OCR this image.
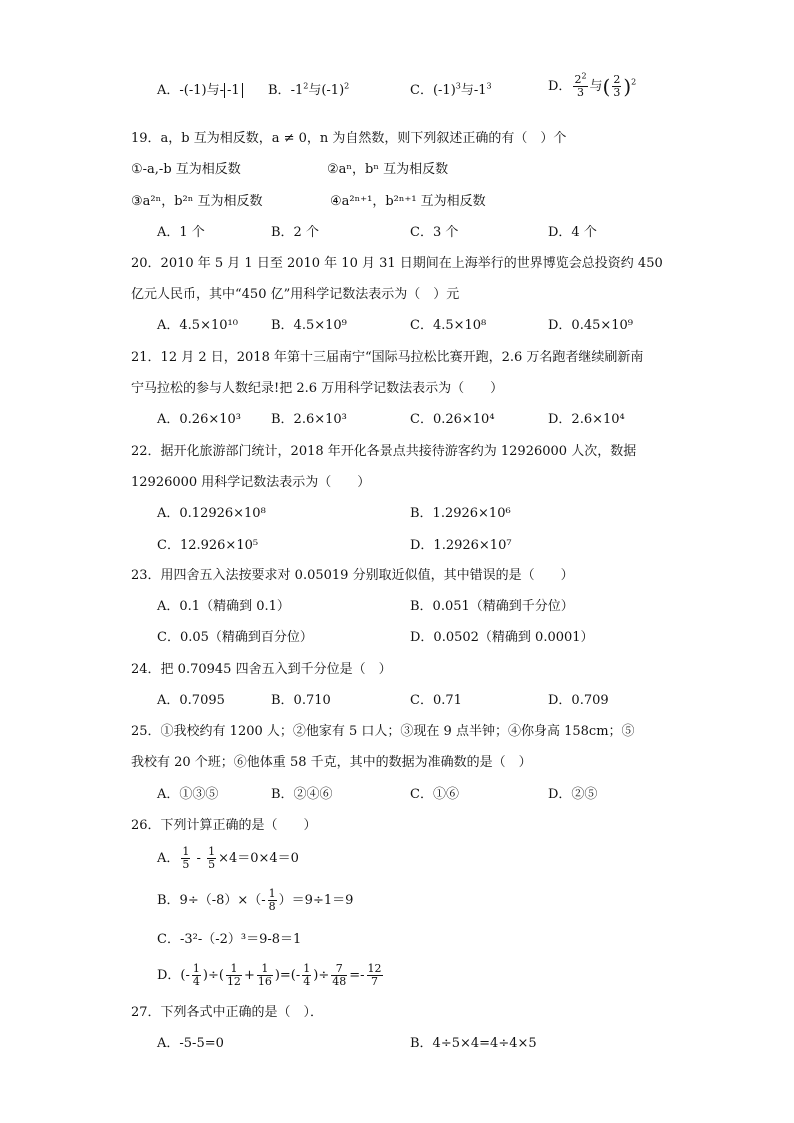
A．-(-1)与- -1 B．$-1^2$与$(-1)^2$	C．$(-1)^3$与$-1^3$	D． $\frac{2^2}{3}$ 与( $\frac{2}{3} )^2$
19．a，b 互为相反数，a ≠ 0，n 为自然数，则下列叙述正确的有（　）个
①-a,-b 互为相反数	②aⁿ，bⁿ 互为相反数
③a²ⁿ，b²ⁿ 互为相反数	④a²ⁿ⁺¹，b²ⁿ⁺¹ 互为相反数
A．1 个	B．2 个	C．3 个	D．4 个
20．2010 年 5 月 1 日至 2010 年 10 月 31 日期间在上海举行的世界博览会总投资约 450
亿元人民币，其中“450 亿”用科学记数法表示为（　）元
A．4.5×10¹⁰	B．4.5×10⁹	C．4.5×10⁸	D．0.45×10⁹
21．12 月 2 日，2018 年第十三届南宁“国际马拉松比赛开跑，2.6 万名跑者继续刷新南
宁马拉松的参与人数纪录!把 2.6 万用科学记数法表示为（　　）
A．0.26×10³ B．2.6×10³	C．0.26×10⁴	D．2.6×10⁴
22．据开化旅游部门统计，2018 年开化各景点共接待游客约为 12926000 人次，数据
12926000 用科学记数法表示为（　　）
A．0.12926×10⁸	B．1.2926×10⁶
C．12.926×10⁵	D．1.2926×10⁷
23．用四舍五入法按要求对 0.05019 分别取近似值，其中错误的是（　　）
A．0.1（精确到 0.1）	B．0.051（精确到千分位）
C．0.05（精确到百分位）	D．0.0502（精确到 0.0001）
24．把 0.70945 四舍五入到千分位是（　）
A．0.7095	B．0.710	C．0.71	D．0.709
25．①我校约有 1200 人；②他家有 5 口人；③现在 9 点半钟；④你身高 158cm；⑤
我校有 20 个班；⑥他体重 58 千克，其中的数据为准确数的是（　）
A．①③⑤	B．②④⑥	C．①⑥	D．②⑤
26．下列计算正确的是（　　）
A． $\frac{1}{5} - \frac{1}{5} \times 4=0\times 4=0$
B．$9\div(-8)\times(- \frac{1}{8} )=9\div 1=9$
C．-3²-（-2）³＝9-8＝1
D．(- $\frac{1}{4}$ )÷( $\frac{1}{12} + \frac{1}{16}$ )=(- $\frac{1}{4}$ )÷ $\frac{7}{48} =- \frac{12}{7}$
27．下列各式中正确的是（　）．
A．-5-5=0	B．4÷5×4=4÷4×5
